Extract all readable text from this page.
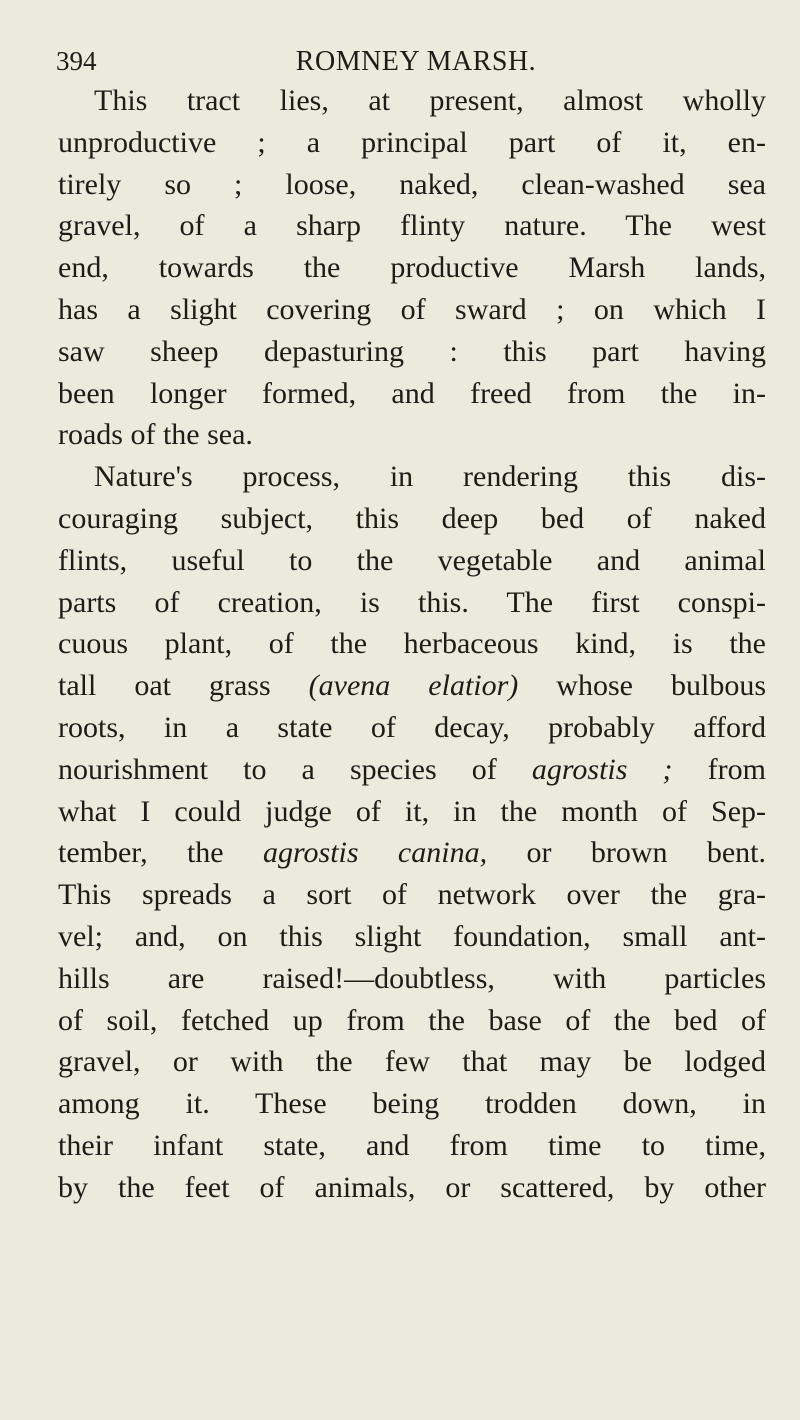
394	ROMNEY MARSH.
This tract lies, at present, almost wholly
unproductive ; a principal part of it, en-
tirely so ; loose, naked, clean-washed sea
gravel, of a sharp flinty nature. The west
end, towards the productive Marsh lands,
has a slight covering of sward ; on which I
saw sheep depasturing : this part having
been longer formed, and freed from the in-
roads of the sea.
Nature's process, in rendering this dis-
couraging subject, this deep bed of naked
flints, useful to the vegetable and animal
parts of creation, is this. The first conspi-
cuous plant, of the herbaceous kind, is the
tall oat grass (avena elatior) whose bulbous
roots, in a state of decay, probably afford
nourishment to a species of agrostis ; from
what I could judge of it, in the month of Sep-
tember, the agrostis canina, or brown bent.
This spreads a sort of network over the gra-
vel; and, on this slight foundation, small ant-
hills are raised!—doubtless, with particles
of soil, fetched up from the base of the bed of
gravel, or with the few that may be lodged
among it. These being trodden down, in
their infant state, and from time to time,
by the feet of animals, or scattered, by other
